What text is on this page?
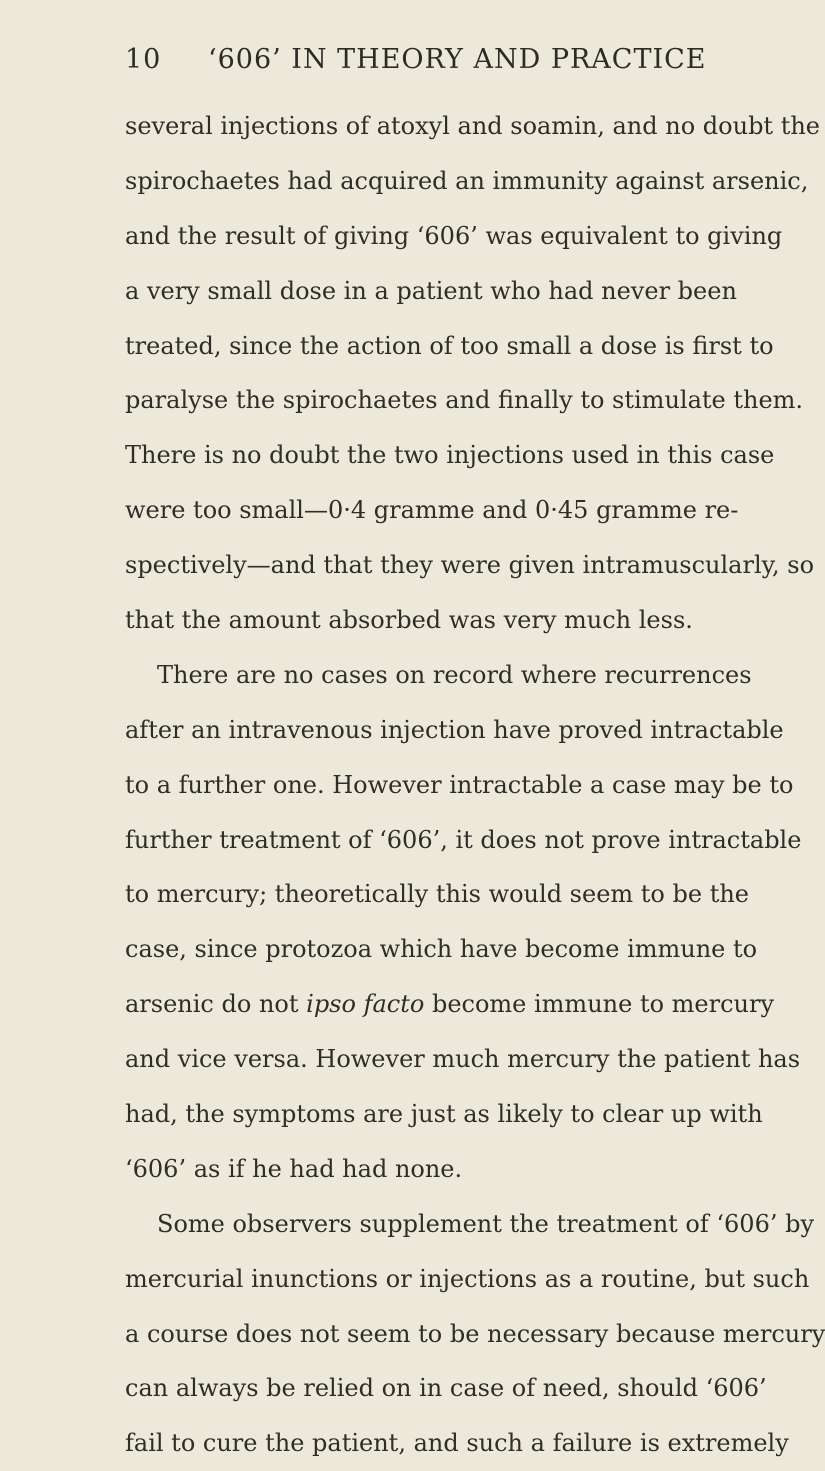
10 ‘606’ IN THEORY AND PRACTICE
several injections of atoxyl and soamin, and no doubt the
spirochaetes had acquired an immunity against arsenic,
and the result of giving ‘606’ was equivalent to giving
a very small dose in a patient who had never been
treated, since the action of too small a dose is first to
paralyse the spirochaetes and finally to stimulate them.
There is no doubt the two injections used in this case
were too small—0·4 gramme and 0·45 gramme re-
spectively—and that they were given intramuscularly, so
that the amount absorbed was very much less.
There are no cases on record where recurrences
after an intravenous injection have proved intractable
to a further one. However intractable a case may be to
further treatment of ‘606’, it does not prove intractable
to mercury; theoretically this would seem to be the
case, since protozoa which have become immune to
arsenic do not ipso facto become immune to mercury
and vice versa. However much mercury the patient has
had, the symptoms are just as likely to clear up with
‘606’ as if he had had none.
Some observers supplement the treatment of ‘606’ by
mercurial inunctions or injections as a routine, but such
a course does not seem to be necessary because mercury
can always be relied on in case of need, should ‘606’
fail to cure the patient, and such a failure is extremely
